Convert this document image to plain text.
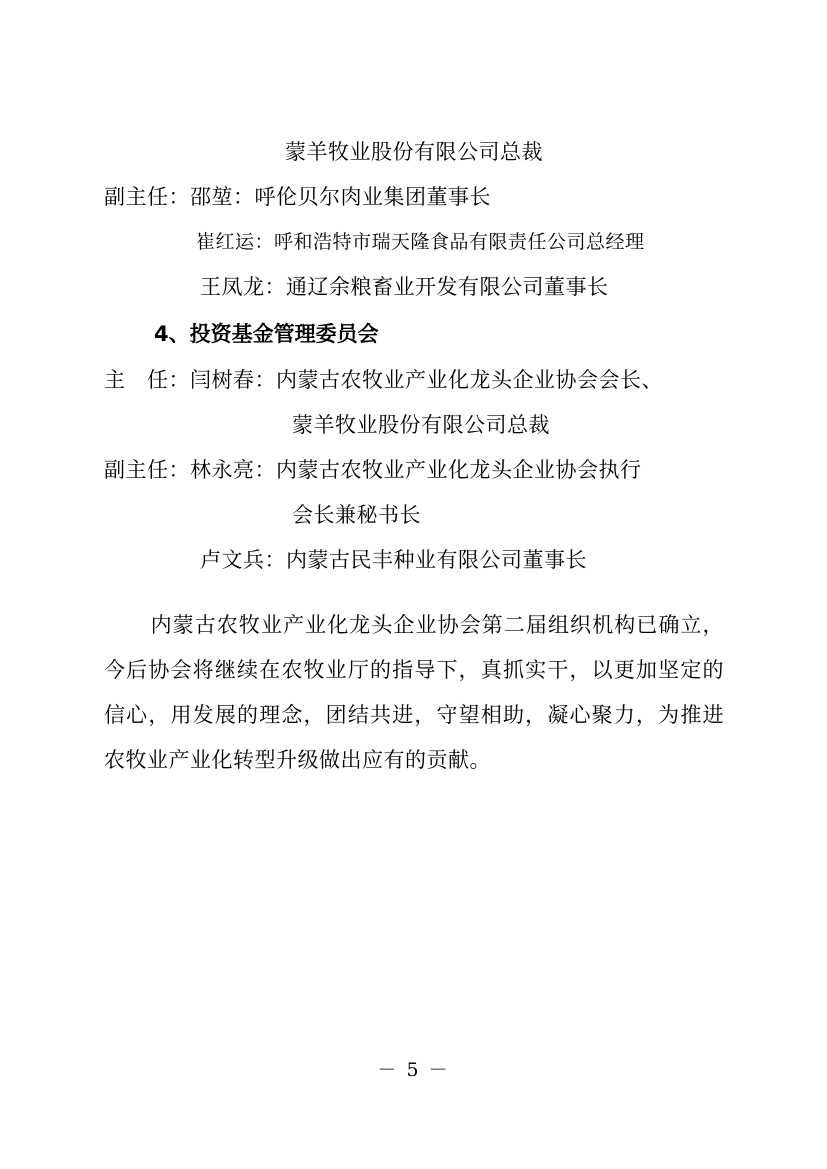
蒙羊牧业股份有限公司总裁
副主任：邵堃：呼伦贝尔肉业集团董事长
崔红运：呼和浩特市瑞天隆食品有限责任公司总经理
王凤龙：通辽余粮畜业开发有限公司董事长
4、投资基金管理委员会
主　任：闫树春：内蒙古农牧业产业化龙头企业协会会长、
蒙羊牧业股份有限公司总裁
副主任：林永亮：内蒙古农牧业产业化龙头企业协会执行
会长兼秘书长
卢文兵：内蒙古民丰种业有限公司董事长
内蒙古农牧业产业化龙头企业协会第二届组织机构已确立，今后协会将继续在农牧业厅的指导下，真抓实干，以更加坚定的信心，用发展的理念，团结共进，守望相助，凝心聚力，为推进农牧业产业化转型升级做出应有的贡献。
－ 5 －
